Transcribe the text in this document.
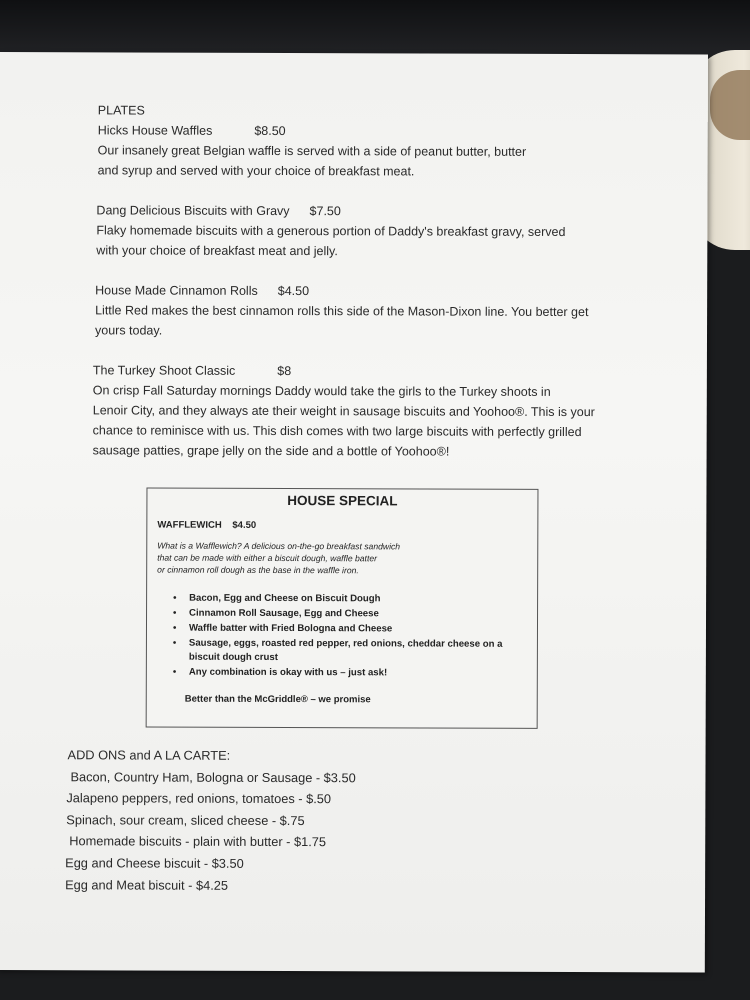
PLATES
Hicks House Waffles	$8.50
Our insanely great Belgian waffle is served with a side of peanut butter, butter
and syrup and served with your choice of breakfast meat.
Dang Delicious Biscuits with Gravy $7.50
Flaky homemade biscuits with a generous portion of Daddy's breakfast gravy, served
with your choice of breakfast meat and jelly.
House Made Cinnamon Rolls $4.50
Little Red makes the best cinnamon rolls this side of the Mason-Dixon line. You better get
yours today.
The Turkey Shoot Classic	$8
On crisp Fall Saturday mornings Daddy would take the girls to the Turkey shoots in
Lenoir City, and they always ate their weight in sausage biscuits and Yoohoo®. This is your
chance to reminisce with us. This dish comes with two large biscuits with perfectly grilled
sausage patties, grape jelly on the side and a bottle of Yoohoo®!
HOUSE SPECIAL
WAFFLEWICH $4.50
What is a Wafflewich? A delicious on-the-go breakfast sandwich
that can be made with either a biscuit dough, waffle batter
or cinnamon roll dough as the base in the waffle iron.
• Bacon, Egg and Cheese on Biscuit Dough
• Cinnamon Roll Sausage, Egg and Cheese
• Waffle batter with Fried Bologna and Cheese
• Sausage, eggs, roasted red pepper, red onions, cheddar cheese on a biscuit dough crust
• Any combination is okay with us – just ask!
Better than the McGriddle® – we promise
ADD ONS and A LA CARTE:
Bacon, Country Ham, Bologna or Sausage - $3.50
Jalapeno peppers, red onions, tomatoes - $.50
Spinach, sour cream, sliced cheese - $.75
Homemade biscuits - plain with butter - $1.75
Egg and Cheese biscuit - $3.50
Egg and Meat biscuit - $4.25
